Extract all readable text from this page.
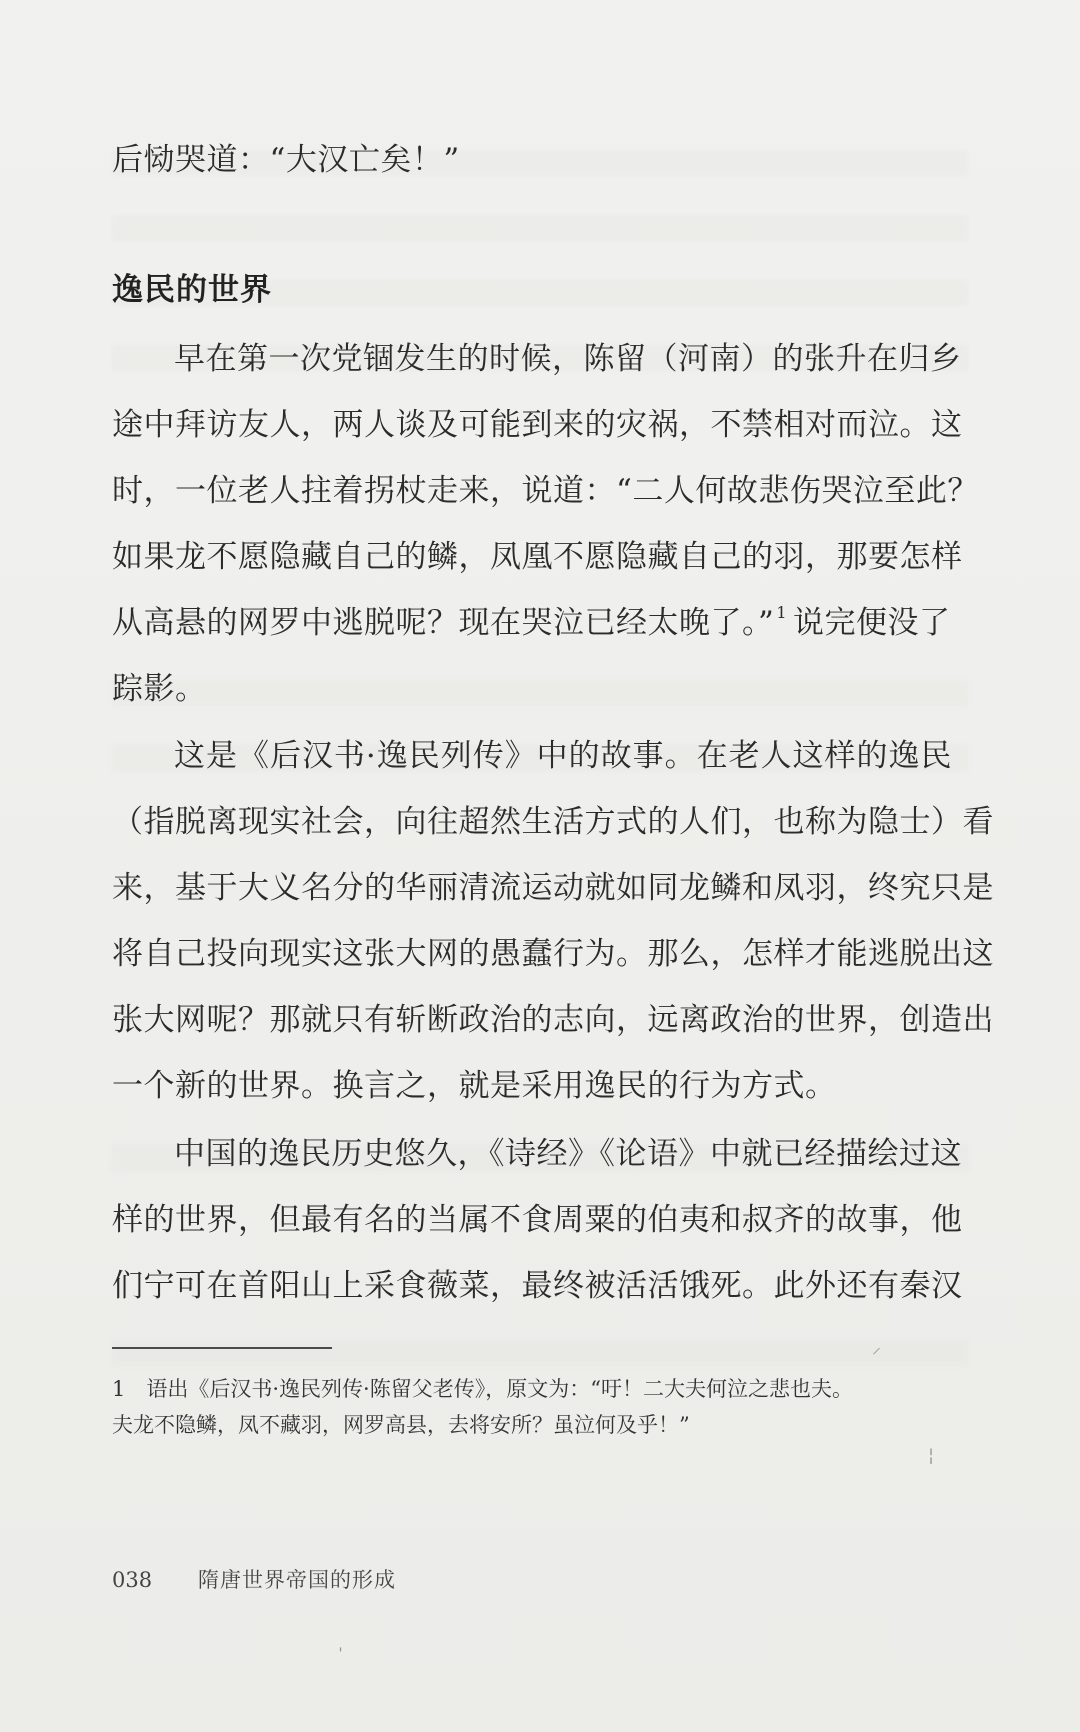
后恸哭道：“大汉亡矣！”
逸民的世界
早在第一次党锢发生的时候，陈留（河南）的张升在归乡
途中拜访友人，两人谈及可能到来的灾祸，不禁相对而泣。这
时，一位老人拄着拐杖走来，说道：“二人何故悲伤哭泣至此？
如果龙不愿隐藏自己的鳞，凤凰不愿隐藏自己的羽，那要怎样
从高悬的网罗中逃脱呢？现在哭泣已经太晚了。” $^1$ 说完便没了
踪影。
这是《后汉书·逸民列传》中的故事。在老人这样的逸民
（指脱离现实社会，向往超然生活方式的人们，也称为隐士）看
来，基于大义名分的华丽清流运动就如同龙鳞和凤羽，终究只是
将自己投向现实这张大网的愚蠢行为。那么，怎样才能逃脱出这
张大网呢？那就只有斩断政治的志向，远离政治的世界，创造出
一个新的世界。换言之，就是采用逸民的行为方式。
中国的逸民历史悠久，《诗经》《论语》中就已经描绘过这
样的世界，但最有名的当属不食周粟的伯夷和叔齐的故事，他
们宁可在首阳山上采食薇菜，最终被活活饿死。此外还有秦汉
1　语出《后汉书·逸民列传·陈留父老传》，原文为：“吁！二大夫何泣之悲也夫。
夫龙不隐鳞，凤不藏羽，网罗高县，去将安所？虽泣何及乎！”
⸝
¦
ˈ
038 隋唐世界帝国的形成
